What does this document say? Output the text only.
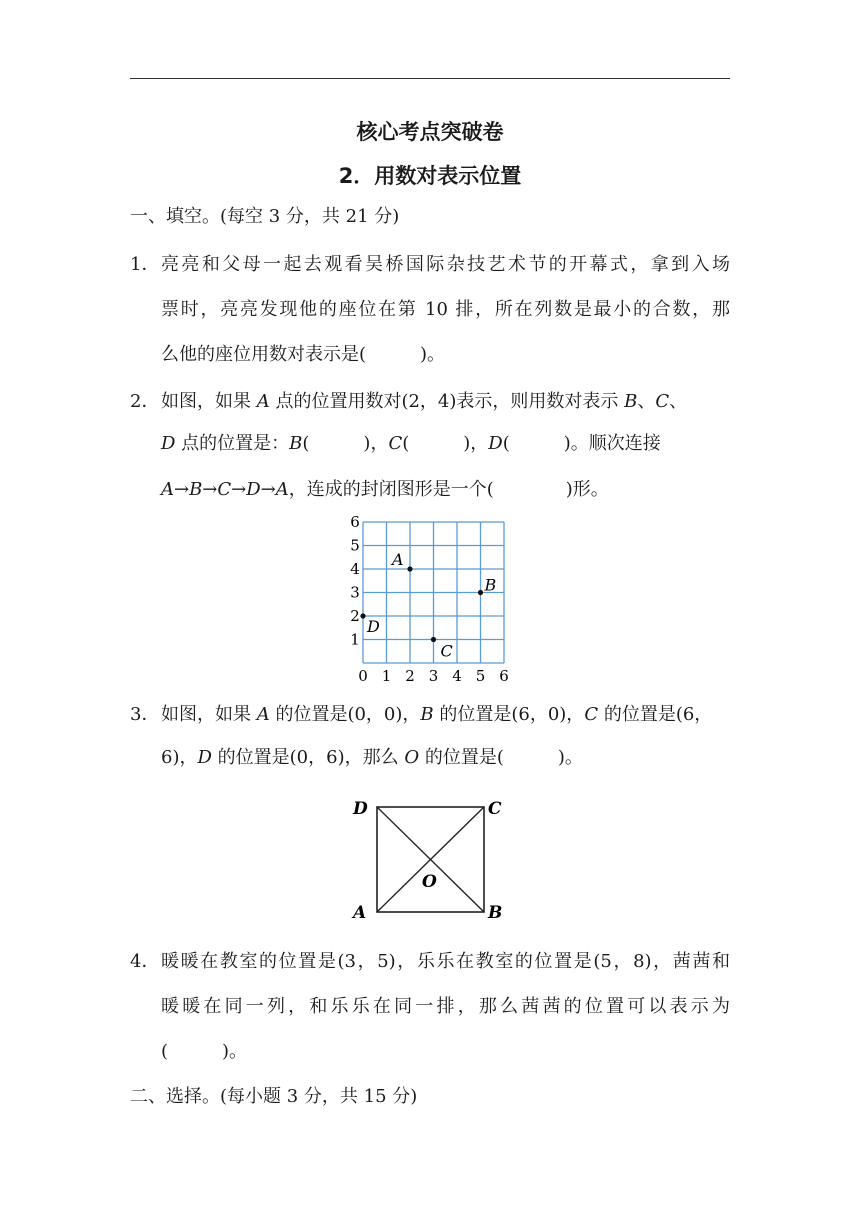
核心考点突破卷
2．用数对表示位置
一、填空。(每空 3 分，共 21 分)
1． 亮亮和父母一起去观看吴桥国际杂技艺术节的开幕式，拿到入场
票时，亮亮发现他的座位在第 10 排，所在列数是最小的合数，那
么他的座位用数对表示是(　　　)。
2． 如图，如果 A 点的位置用数对(2，4)表示，则用数对表示 B、C、
D 点的位置是：B(　　　)，C(　　　)，D(　　　)。顺次连接
A→B→C→D→A，连成的封闭图形是一个(　　　　)形。
0 1 2 3 4 5 6
1
2
3
4
5
6
A
B
C
D
3． 如图，如果 A 的位置是(0，0)，B 的位置是(6，0)，C 的位置是(6，
6)，D 的位置是(0，6)，那么 O 的位置是(　　　)。
D	C
A	B
O
4． 暖暖在教室的位置是(3，5)，乐乐在教室的位置是(5，8)，茜茜和
暖暖在同一列，和乐乐在同一排，那么茜茜的位置可以表示为
(　　　)。
二、选择。(每小题 3 分，共 15 分)
